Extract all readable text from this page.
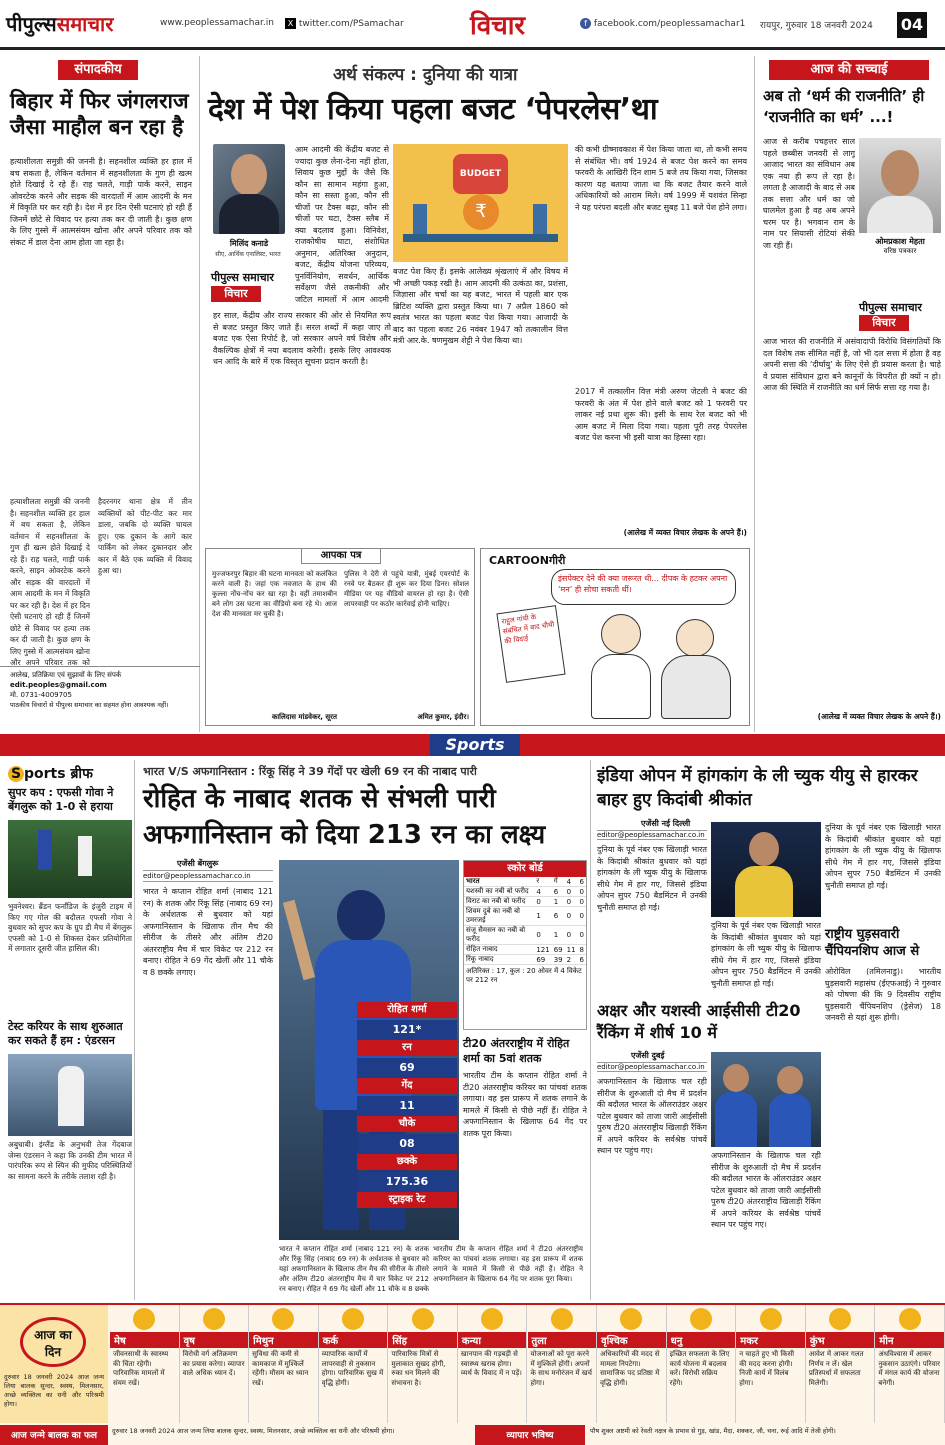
पीपुल्ससमाचार	www.peoplessamachar.in	X twitter.com/PSamachar	विचार	f facebook.com/peoplessamachar1 रायपुर, गुरुवार 18 जनवरी 2024 04
संपादकीय
बिहार में फिर जंगलराज जैसा माहौल बन रहा है
हत्याशीलता समुन्नी की जननी है। सहनशील व्यक्ति हर हाल में बच सकता है, लेकिन वर्तमान में सहनशीलता के गुण ही खत्म होते दिखाई दे रहे हैं। राह चलते, गाड़ी पार्क करने, साइन ओवरटेक करने और सड़क की वारदातों में आम आदमी के मन में विकृति घर कर रही है। देश में हर दिन ऐसी घटनाएं हो रही हैं जिनमें छोटे से विवाद पर हत्या तक कर दी जाती है। कुछ क्षण के लिए गुस्से में आत्मसंयम खोना और अपने परिवार तक को संकट में डाल देना आम होता जा रहा है।
हत्याशीलता समुन्नी की जननी है। सहनशील व्यक्ति हर हाल में बच सकता है, लेकिन वर्तमान में सहनशीलता के गुण ही खत्म होते दिखाई दे रहे हैं। राह चलते, गाड़ी पार्क करने, साइन ओवरटेक करने और सड़क की वारदातों में आम आदमी के मन में विकृति घर कर रही है। देश में हर दिन ऐसी घटनाएं हो रही हैं जिनमें छोटे से विवाद पर हत्या तक कर दी जाती है। कुछ क्षण के लिए गुस्से में आत्मसंयम खोना और अपने परिवार तक को
हैदरनगर थाना क्षेत्र में तीन व्यक्तियों को पीट-पीट कर मार डाला, जबकि दो व्यक्ति घायल हुए। एक दुकान के आगे कार पार्किंग को लेकर दुकानदार और कार में बैठे एक व्यक्ति में विवाद हुआ था।
आलेख, प्रतिक्रिया एवं सुझावों के लिए संपर्क
edit.peoples@gmail.com
मो. 0731-4009705
पाठकीय विचारों से पीपुल्स समाचार का सहमत होना आवश्यक नहीं।
अर्थ संकल्प : दुनिया की यात्रा
देश में पेश किया पहला बजट ‘पेपरलेस’था
मिलिंद कनाडे
सीए, आर्थिक एनालिस्ट, भारत
पीपुल्स समाचार
विचार
आम आदमी की केंद्रीय बजट से ज्यादा कुछ लेना-देना नहीं होता, सिवाय कुछ मुद्दों के जैसे कि कौन सा सामान महंगा हुआ, कौन सा सस्ता हुआ, कौन सी चीजों पर टैक्स बढ़ा, कौन सी चीजों पर घटा, टैक्स स्लैब में क्या बदलाव हुआ। विनिवेश, राजकोषीय घाटा, संशोधित अनुमान, अतिरिक्त अनुदान, बजट, केंद्रीय योजना परिव्यय, पुनर्विनियोग, सवर्धन, आर्थिक सर्वेक्षण जैसे तकनीकी और जटिल मामलों में आम आदमी
हर साल, केंद्रीय और राज्य सरकार की ओर से नियमित रूप से बजट प्रस्तुत किए जाते हैं। सरल शब्दों में कहा जाए तो बजट एक ऐसा रिपोर्ट है, जो सरकार अपने वर्ष विशेष और वैकल्पिक क्षेत्रों में नया बदलाव करेगी। इसके लिए आवश्यक धन आदि के बारे में एक विस्तृत सूचना प्रदान करती है।
BUDGET
₹
बजट पेश किए हैं। इसके आलेख्य श्रृंखलाएं में और विषय में भी अच्छी पकड़ रखी है। आम आदमी की उत्कंठा का, प्रशंसा, जिज्ञासा और चर्चा का यह बजट, भारत में पहली बार एक ब्रिटिश व्यक्ति द्वारा प्रस्तुत किया था। 7 अप्रैल 1860 को स्वतंत्र भारत का पहला बजट पेश किया गया। आजादी के बाद का पहला बजट 26 नवंबर 1947 को तत्कालीन वित्त मंत्री आर.के. षणमुखम शेट्टी ने पेश किया था।
की कभी ग्रीष्मावकाश में पेश किया जाता था, तो कभी समय से संबंधित भी। वर्ष 1924 से बजट पेश करने का समय फरवरी के आखिरी दिन शाम 5 बजे तय किया गया, जिसका कारण यह बताया जाता था कि बजट तैयार करने वाले अधिकारियों को आराम मिले। वर्ष 1999 में यशवंत सिन्हा ने यह परंपरा बदली और बजट सुबह 11 बजे पेश होने लगा।
2017 में तत्कालीन वित्त मंत्री अरुण जेटली ने बजट की फरवरी के अंत में पेश होने वाले बजट को 1 फरवरी पर लाकर नई प्रथा शुरू की। इसी के साथ रेल बजट को भी आम बजट में मिला दिया गया। पहला पूरी तरह पेपरलेस बजट पेश करना भी इसी यात्रा का हिस्सा रहा।
(आलेख में व्यक्त विचार लेखक के अपने हैं।)
आपका पत्र
मुज्जफरपुर बिहार की घटना मानवता को कलंकित करने वाली है। जहां एक नवजात के हाथ की कुल्ला नोंच-नोंच कर खा रहा है। वहीं तमाशबीन बने लोग उस घटना का वीडियो बना रहे थे। आज देश की मानवता मर चुकी है।
पुलिस ने देरी से पहुंचे यात्री, मुंबई एयरपोर्ट के रनवे पर बैठकर ही शुरू कर दिया डिनर। सोशल मीडिया पर यह वीडियो वायरल हो रहा है। ऐसी लापरवाही पर कठोर कार्रवाई होनी चाहिए।
कालिदास मांडवेकर, सूरत	अमित कुमार, इंदौर।
CARTOONगीरी
इंसपेक्टर देने की क्या जरूरत थी... दीपक के हटकर अपना ‘मन’ ही सोचा सकती थीं।
राहुल गांधी के संबंधित में बाद चौथी की विदाई
आज की सच्चाई
अब तो ‘धर्म की राजनीति’ ही ‘राजनीति का धर्म’ ...!
आज से करीब पचहत्तर साल पहले छब्बीस जनवरी से लागू आजाद भारत का संविधान अब एक नया ही रूप ले रहा है। लगता है आजादी के बाद से अब तक सत्ता और धर्म का जो घालमेल हुआ है वह अब अपने चरम पर है। भगवान राम के नाम पर सियासी रोटियां सेकी जा रही हैं।	ओमप्रकाश मेहता
वरिष्ठ पत्रकार
पीपुल्स समाचार
विचार
आज भारत की राजनीति में असंवादापी विरोधि विसंगतियों कि दल विशेष तक सीमित नहीं है, जो भी दल सत्ता में होता है वह अपनी सत्ता की ‘दीर्घायु’ के लिए ऐसे ही प्रयास करता है। चाहे वे प्रयास संविधान द्वारा बने कानूनों के विपरीत ही क्यों न हो। आज की स्थिति में राजनीति का धर्म सिर्फ सत्ता रह गया है।
(आलेख में व्यक्त विचार लेखक के अपने हैं।)
Sports
S ports ब्रीफ
सुपर कप : एफसी गोवा ने बेंगलुरू को 1-0 से हराया
भुवनेश्वर। ब्रैंडन फर्नांडिज के इंजुरी टाइम में किए गए गोल की बदौलत एफसी गोवा ने बुधवार को सुपर कप के ग्रुप डी मैच में बेंगलुरू एफसी को 1-0 से शिकस्त देकर प्रतियोगिता में लगातार दूसरी जीत हासिल की।
टेस्ट करियर के साथ शुरुआत कर सकते हैं हम : एंडरसन
अबुधाबी। इंग्लैंड के अनुभवी तेज गेंदबाज जेम्स एंडरसन ने कहा कि उनकी टीम भारत में पारंपरिक रूप से स्पिन की मुफीद परिस्थितियों का सामना करने के तरीके तलाश रही है।
भारत V/S अफगानिस्तान : रिंकू सिंह ने 39 गेंदों पर खेली 69 रन की नाबाद पारी
रोहित के नाबाद शतक से संभली पारी
अफगानिस्तान को दिया 213 रन का लक्ष्य
एजेंसी बेंगलुरू
editor@peoplessamachar.co.in
भारत ने कप्तान रोहित शर्मा (नाबाद 121 रन) के शतक और रिंकू सिंह (नाबाद 69 रन) के अर्धशतक से बुधवार को यहां अफगानिस्तान के खिलाफ तीन मैच की सीरीज के तीसरे और अंतिम टी20 अंतरराष्ट्रीय मैच में चार विकेट पर 212 रन बनाए। रोहित ने 69 गेंद खेलीं और 11 चौके व 8 छक्के लगाए।
रोहित शर्मा
121*
रन
69
गेंद
11
चौके
08
छक्के
175.36
स्ट्राइक रेट
भारत ने कप्तान रोहित शर्मा (नाबाद 121 रन) के शतक और रिंकू सिंह (नाबाद 69 रन) के अर्धशतक से बुधवार को यहां अफगानिस्तान के खिलाफ तीन मैच की सीरीज के तीसरे और अंतिम टी20 अंतरराष्ट्रीय मैच में चार विकेट पर 212 रन बनाए। रोहित ने 69 गेंद खेलीं और 11 चौके व 8 छक्के
भारतीय टीम के कप्तान रोहित शर्मा ने टी20 अंतरराष्ट्रीय करियर का पांचवां शतक लगाया। वह इस प्रारूप में शतक लगाने के मामले में किसी से पीछे नहीं हैं। रोहित ने अफगानिस्तान के खिलाफ 64 गेंद पर शतक पूरा किया।
स्कोर बोर्ड
भारत	र	गें	4	6
यशस्वी का नबी बो फरीद	4	6	0	0
विराट का नबी बो फरीद	0	1	0	0
शिवम दुबे का नबी बो उमरजई	1	6	0	0
संजू सैमसन का नबी बो फरीद	0	1	0	0
रोहित नाबाद	121	69	11	8
रिंकू नाबाद	69	39	2	6
अतिरिक्त : 17, कुल : 20 ओवर में 4 विकेट पर 212 रन
टी20 अंतरराष्ट्रीय में रोहित शर्मा का 5वां शतक
भारतीय टीम के कप्तान रोहित शर्मा ने टी20 अंतरराष्ट्रीय करियर का पांचवां शतक लगाया। वह इस प्रारूप में शतक लगाने के मामले में किसी से पीछे नहीं हैं। रोहित ने अफगानिस्तान के खिलाफ 64 गेंद पर शतक पूरा किया।
इंडिया ओपन में हांगकांग के ली च्युक यीयु से हारकर बाहर हुए किदांबी श्रीकांत
एजेंसी नई दिल्ली
editor@peoplessamachar.co.in
दुनिया के पूर्व नंबर एक खिलाड़ी भारत के किदांबी श्रीकांत बुधवार को यहां हांगकांग के ली च्युक यीयु के खिलाफ सीधे गेम में हार गए, जिससे इंडिया ओपन सुपर 750 बैडमिंटन में उनकी चुनौती समाप्त हो गई।
दुनिया के पूर्व नंबर एक खिलाड़ी भारत के किदांबी श्रीकांत बुधवार को यहां हांगकांग के ली च्युक यीयु के खिलाफ सीधे गेम में हार गए, जिससे इंडिया ओपन सुपर 750 बैडमिंटन में उनकी चुनौती समाप्त हो गई।
दुनिया के पूर्व नंबर एक खिलाड़ी भारत के किदांबी श्रीकांत बुधवार को यहां हांगकांग के ली च्युक यीयु के खिलाफ सीधे गेम में हार गए, जिससे इंडिया ओपन सुपर 750 बैडमिंटन में उनकी चुनौती समाप्त हो गई।
राष्ट्रीय घुड़सवारी चैंपियनशिप आज से
ओरोविल (तमिलनाडु)। भारतीय घुड़सवारी महासंघ (ईएफआई) ने गुरुवार को पोषणा की कि 9 दिवसीय राष्ट्रीय घुड़सवारी चैंपियनशिप (ड्रेसेज) 18 जनवरी से यहां शुरू होगी।
अक्षर और यशस्वी आईसीसी टी20 रैंकिंग में शीर्ष 10 में
एजेंसी दुबई
editor@peoplessamachar.co.in
अफगानिस्तान के खिलाफ चल रही सीरीज के शुरुआती दो मैच में प्रदर्शन की बदौलत भारत के ऑलराउंडर अक्षर पटेल बुधवार को ताजा जारी आईसीसी पुरुष टी20 अंतरराष्ट्रीय खिलाड़ी रैंकिंग में अपने करियर के सर्वश्रेष्ठ पांचवें स्थान पर पहुंच गए।
अफगानिस्तान के खिलाफ चल रही सीरीज के शुरुआती दो मैच में प्रदर्शन की बदौलत भारत के ऑलराउंडर अक्षर पटेल बुधवार को ताजा जारी आईसीसी पुरुष टी20 अंतरराष्ट्रीय खिलाड़ी रैंकिंग में अपने करियर के सर्वश्रेष्ठ पांचवें स्थान पर पहुंच गए।
आज का
दिन
दुरुवार 18 जनवरी 2024 आज जन्म लिया बालक सुन्दर, स्वस्थ, मिलनसार, अच्छे व्यक्तित्व का धनी और परिश्रमी होगा।
मेष
जीवनसाथी के स्वास्थ्य की चिंता रहेगी। पारिवारिक मामलों में संयम रखें।
वृष
विरोधी वर्ग अतिक्रमण का प्रयास करेगा। व्यापार वाले अधिक ध्यान दें।
मिथुन
सुविधा की कमी से कामकाज में मुश्किलें रहेंगी। मौसम का ध्यान रखें।
कर्क
व्यापारिक कार्यों में लापरवाही से नुकसान होगा। पारिवारिक सुख में वृद्धि होगी।
सिंह
पारिवारिक मित्रों से मुलाकात सुखद होगी, रुका धन मिलने की संभावना है।
कन्या
खानपान की गड़बड़ी से स्वास्थ्य खराब होगा। व्यर्थ के विवाद में न पड़ें।
तुला
योजनाओं को पूरा करने में मुश्किलें होंगी। अपनों के साथ मनोरंजन में खर्च होगा।
वृश्चिक
अधिकारियों की मदद से मामला निपटेगा। सामाजिक पद प्रतिष्ठा में वृद्धि होगी।
धनु
इच्छित सफलता के लिए कार्य योजना में बदलाव करें। विरोधी सक्रिय रहेंगे।
मकर
न चाहते हुए भी किसी की मदद करना होगी। निजी कार्य में विलंब होगा।
कुंभ
आवेश में आकर गलत निर्णय न लें। खेल प्रतिस्पर्धा में सफलता मिलेगी।
मीन
अंधविश्वास में आकर नुकसान उठाएंगे। परिवार में मंगल कार्य की योजना बनेगी।
आज जन्मे बालक का फल	दुरुवार 18 जनवरी 2024 आज जन्म लिया बालक सुन्दर, स्वस्थ, मिलनसार, अच्छे व्यक्तित्व का धनी और परिश्रमी होगा।	व्यापार भविष्य	पौष शुक्ल अष्टमी को रेवती नक्षत्र के प्रभाव से गुड़, खांड, मैदा, शक्कर, जौ, चना, रूई आदि में तेजी होगी।
